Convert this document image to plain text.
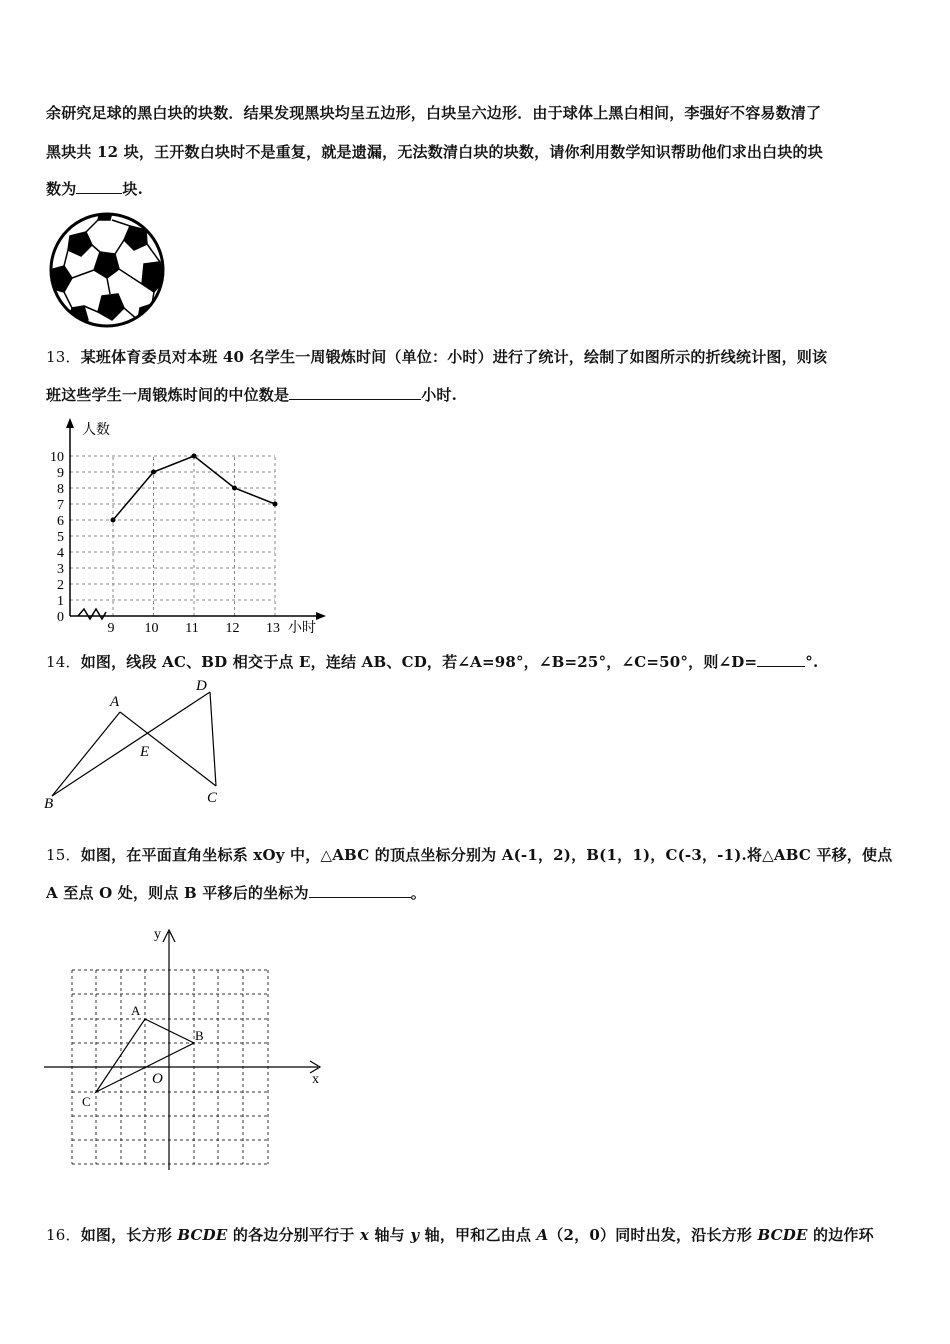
余研究足球的黑白块的块数．结果发现黑块均呈五边形，白块呈六边形．由于球体上黑白相间，李强好不容易数清了
黑块共 12 块，王开数白块时不是重复，就是遗漏，无法数清白块的块数，请你利用数学知识帮助他们求出白块的块
数为	块.
13．某班体育委员对本班 40 名学生一周锻炼时间（单位：小时）进行了统计，绘制了如图所示的折线统计图，则该
班这些学生一周锻炼时间的中位数是	小时.
0
1
2
3
4
5
6
7
8
9
10
9 10 11 12 13
人数
小时
14．如图，线段 AC、BD 相交于点 E，连结 AB、CD，若∠A=98°，∠B=25°，∠C=50°，则∠D=	°.
A
B	C
D
E
15．如图，在平面直角坐标系 xOy 中，△ABC 的顶点坐标分别为 A(-1，2)，B(1，1)，C(-3，-1).将△ABC 平移，使点
A 至点 O 处，则点 B 平移后的坐标为	。
x
y
O
A
B
C
16．如图，长方形 BCDE 的各边分别平行于 x 轴与 y 轴，甲和乙由点 A（2，0）同时出发，沿长方形 BCDE 的边作环
